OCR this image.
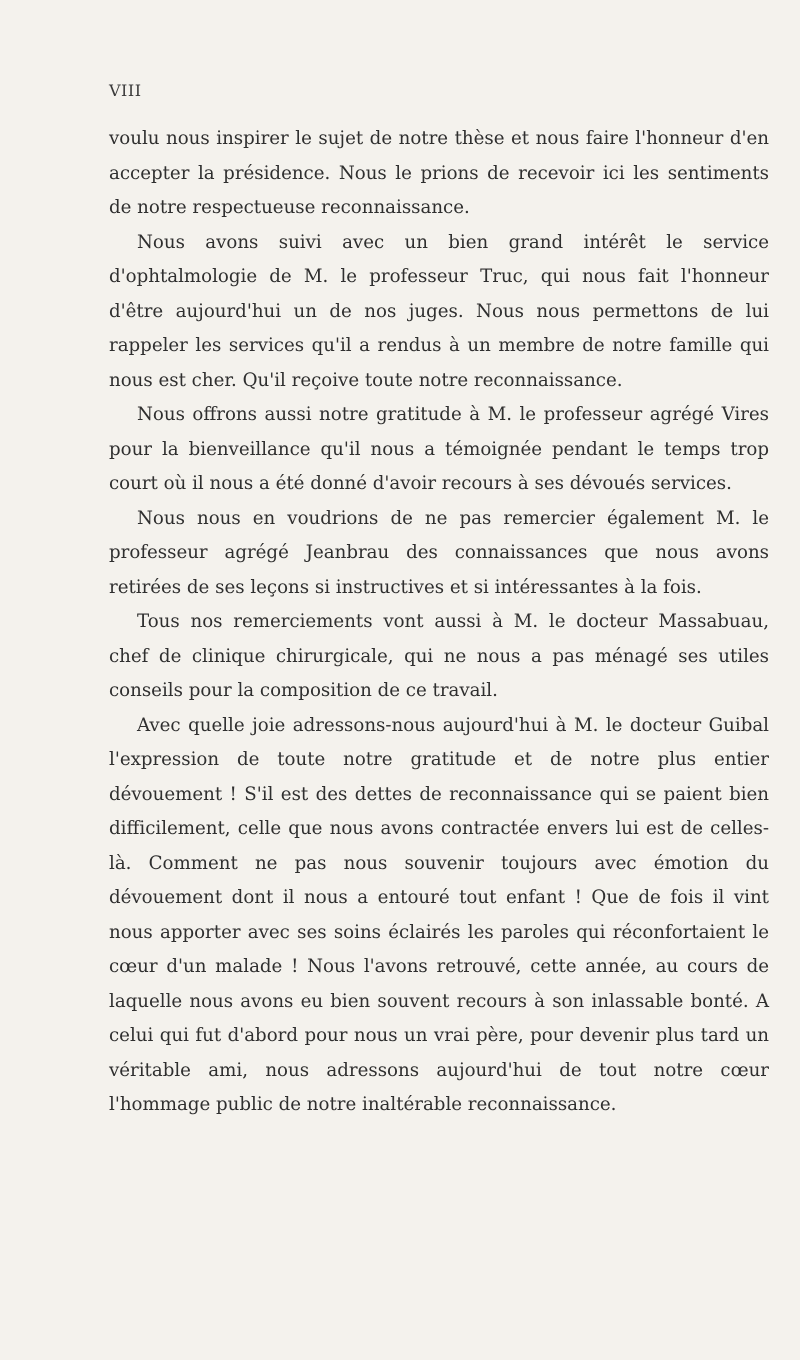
VIII

voulu nous inspirer le sujet de notre thèse et nous faire l'honneur d'en accepter la présidence. Nous le prions de recevoir ici les sentiments de notre respectueuse reconnaissance.

Nous avons suivi avec un bien grand intérêt le service d'ophtalmologie de M. le professeur Truc, qui nous fait l'honneur d'être aujourd'hui un de nos juges. Nous nous permettons de lui rappeler les services qu'il a rendus à un membre de notre famille qui nous est cher. Qu'il reçoive toute notre reconnaissance.

Nous offrons aussi notre gratitude à M. le professeur agrégé Vires pour la bienveillance qu'il nous a témoignée pendant le temps trop court où il nous a été donné d'avoir recours à ses dévoués services.

Nous nous en voudrions de ne pas remercier également M. le professeur agrégé Jeanbrau des connaissances que nous avons retirées de ses leçons si instructives et si intéressantes à la fois.

Tous nos remerciements vont aussi à M. le docteur Massabuau, chef de clinique chirurgicale, qui ne nous a pas ménagé ses utiles conseils pour la composition de ce travail.

Avec quelle joie adressons-nous aujourd'hui à M. le docteur Guibal l'expression de toute notre gratitude et de notre plus entier dévouement ! S'il est des dettes de reconnaissance qui se paient bien difficilement, celle que nous avons contractée envers lui est de celles-là. Comment ne pas nous souvenir toujours avec émotion du dévouement dont il nous a entouré tout enfant ! Que de fois il vint nous apporter avec ses soins éclairés les paroles qui réconfortaient le cœur d'un malade ! Nous l'avons retrouvé, cette année, au cours de laquelle nous avons eu bien souvent recours à son inlassable bonté. A celui qui fut d'abord pour nous un vrai père, pour devenir plus tard un véritable ami, nous adressons aujourd'hui de tout notre cœur l'hommage public de notre inaltérable reconnaissance.
